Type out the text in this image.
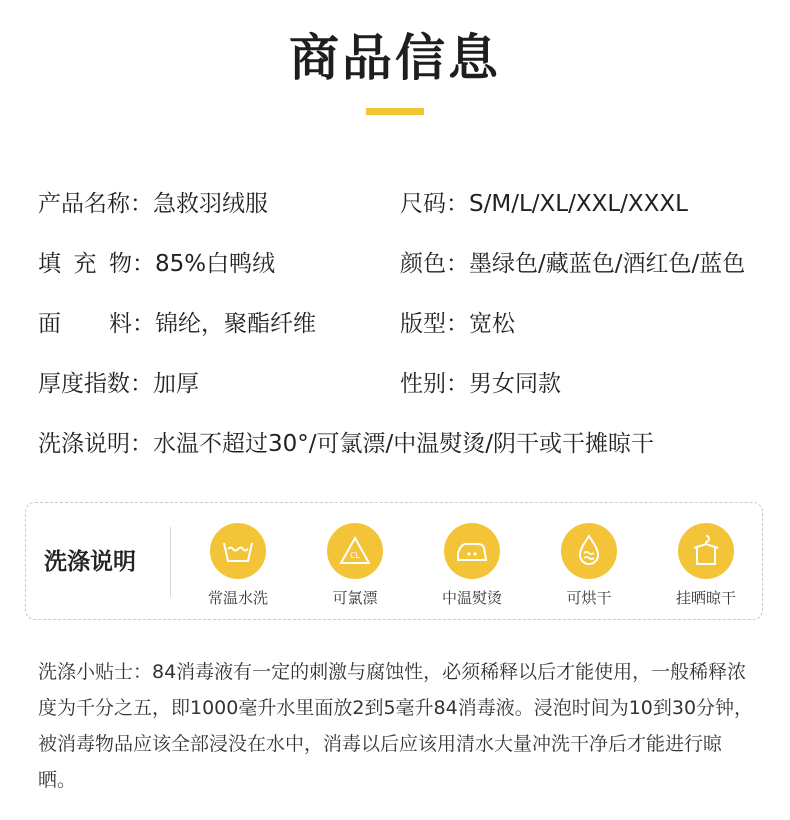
商品信息
产品名称：急救羽绒服	尺码：S/M/L/XL/XXL/XXXL
填充物：85%白鸭绒	颜色：墨绿色/藏蓝色/酒红色/蓝色
面料：锦纶，聚酯纤维	版型：宽松
厚度指数：加厚	性别：男女同款
洗涤说明：水温不超过30°/可氯漂/中温熨烫/阴干或干摊晾干
洗涤说明
常温水洗
CL
可氯漂	中温熨烫	可烘干	挂晒晾干
洗涤小贴士：84消毒液有一定的刺激与腐蚀性，必须稀释以后才能使用，一般稀释浓度为千分之五，即1000毫升水里面放2到5毫升84消毒液。浸泡时间为10到30分钟，被消毒物品应该全部浸没在水中，消毒以后应该用清水大量冲洗干净后才能进行晾晒。
